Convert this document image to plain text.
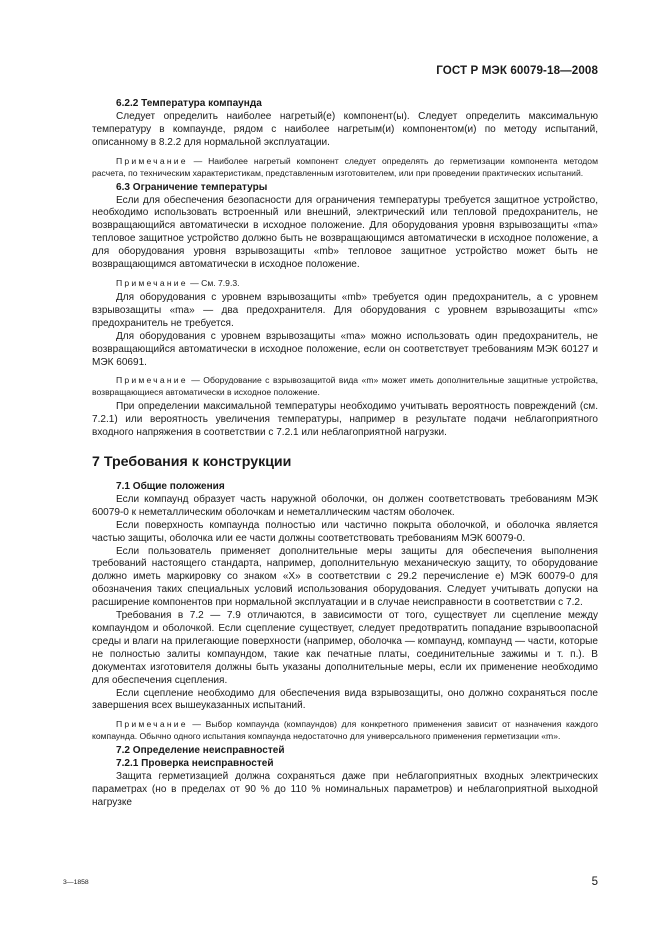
ГОСТ Р МЭК 60079-18—2008

6.2.2 Температура компаунда

Следует определить наиболее нагретый(е) компонент(ы). Следует определить максимальную температуру в компаунде, рядом с наиболее нагретым(и) компонентом(и) по методу испытаний, описанному в 8.2.2 для нормальной эксплуатации.

Примечание — Наиболее нагретый компонент следует определять до герметизации компонента методом расчета, по техническим характеристикам, представленным изготовителем, или при проведении практических испытаний.

6.3 Ограничение температуры

Если для обеспечения безопасности для ограничения температуры требуется защитное устройство, необходимо использовать встроенный или внешний, электрический или тепловой предохранитель, не возвращающийся автоматически в исходное положение. Для оборудования уровня взрывозащиты «ma» тепловое защитное устройство должно быть не возвращающимся автоматически в исходное положение, а для оборудования уровня взрывозащиты «mb» тепловое защитное устройство может быть не возвращающимся автоматически в исходное положение.

Примечание — См. 7.9.3.

Для оборудования с уровнем взрывозащиты «mb» требуется один предохранитель, а с уровнем взрывозащиты «ma» — два предохранителя. Для оборудования с уровнем взрывозащиты «mc» предохранитель не требуется.

Для оборудования с уровнем взрывозащиты «ma» можно использовать один предохранитель, не возвращающийся автоматически в исходное положение, если он соответствует требованиям МЭК 60127 и МЭК 60691.

Примечание — Оборудование с взрывозащитой вида «m» может иметь дополнительные защитные устройства, возвращающиеся автоматически в исходное положение.

При определении максимальной температуры необходимо учитывать вероятность повреждений (см. 7.2.1) или вероятность увеличения температуры, например в результате подачи неблагоприятного входного напряжения в соответствии с 7.2.1 или неблагоприятной нагрузки.

7 Требования к конструкции

7.1 Общие положения

Если компаунд образует часть наружной оболочки, он должен соответствовать требованиям МЭК 60079-0 к неметаллическим оболочкам и неметаллическим частям оболочек.

Если поверхность компаунда полностью или частично покрыта оболочкой, и оболочка является частью защиты, оболочка или ее части должны соответствовать требованиям МЭК 60079-0.

Если пользователь применяет дополнительные меры защиты для обеспечения выполнения требований настоящего стандарта, например, дополнительную механическую защиту, то оборудование должно иметь маркировку со знаком «Х» в соответствии с 29.2 перечисление е) МЭК 60079-0 для обозначения таких специальных условий использования оборудования. Следует учитывать допуски на расширение компонентов при нормальной эксплуатации и в случае неисправности в соответствии с 7.2.

Требования в 7.2 — 7.9 отличаются, в зависимости от того, существует ли сцепление между компаундом и оболочкой. Если сцепление существует, следует предотвратить попадание взрывоопасной среды и влаги на прилегающие поверхности (например, оболочка — компаунд, компаунд — части, которые не полностью залиты компаундом, такие как печатные платы, соединительные зажимы и т. п.). В документах изготовителя должны быть указаны дополнительные меры, если их применение необходимо для обеспечения сцепления.

Если сцепление необходимо для обеспечения вида взрывозащиты, оно должно сохраняться после завершения всех вышеуказанных испытаний.

Примечание — Выбор компаунда (компаундов) для конкретного применения зависит от назначения каждого компаунда. Обычно одного испытания компаунда недостаточно для универсального применения герметизации «m».

7.2 Определение неисправностей

7.2.1 Проверка неисправностей

Защита герметизацией должна сохраняться даже при неблагоприятных входных электрических параметрах (но в пределах от 90 % до 110 % номинальных параметров) и неблагоприятной выходной нагрузке

3—1858	5
